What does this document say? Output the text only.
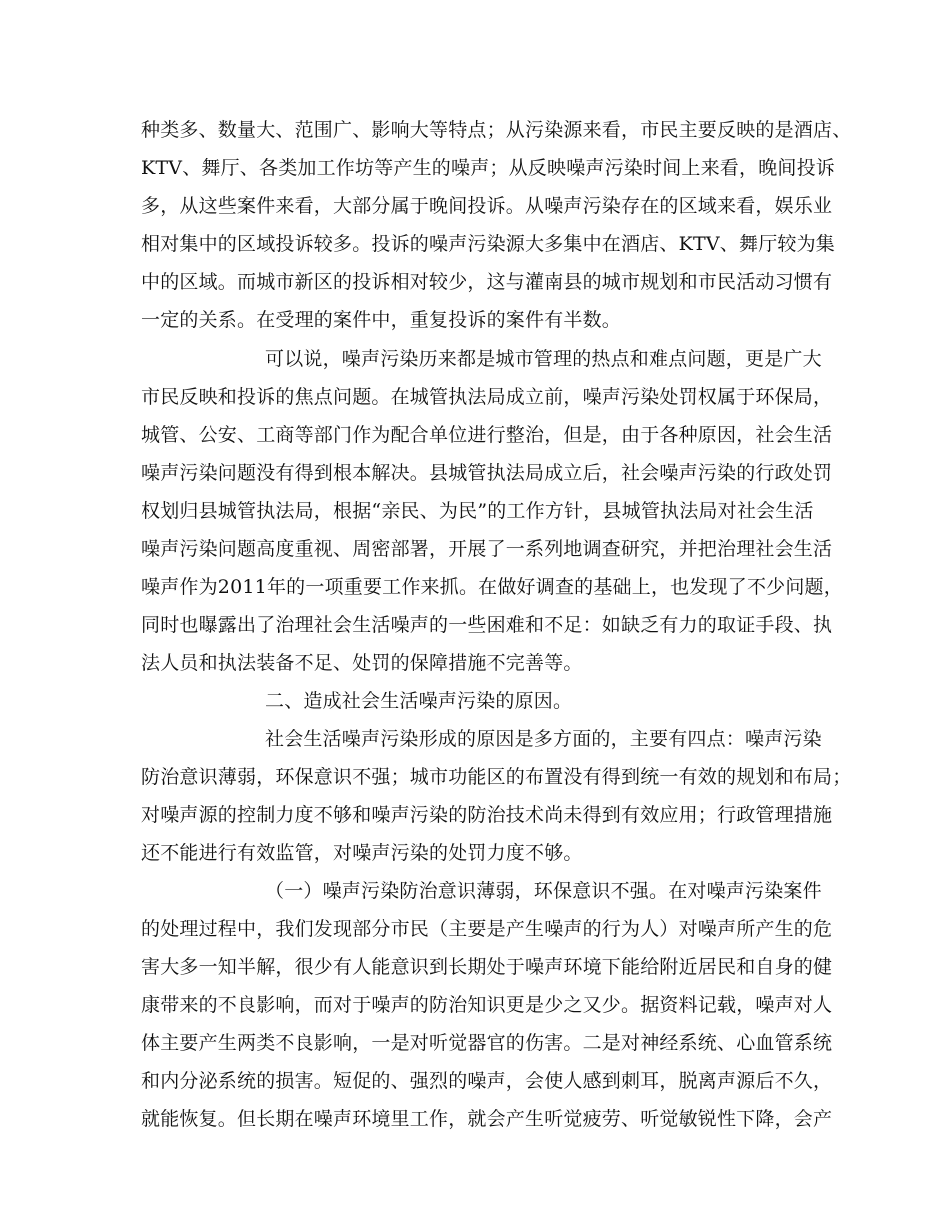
种类多、数量大、范围广、影响大等特点；从污染源来看，市民主要反映的是酒店、
KTV、舞厅、各类加工作坊等产生的噪声；从反映噪声污染时间上来看，晚间投诉
多，从这些案件来看，大部分属于晚间投诉。从噪声污染存在的区域来看，娱乐业
相对集中的区域投诉较多。投诉的噪声污染源大多集中在酒店、KTV、舞厅较为集
中的区域。而城市新区的投诉相对较少，这与灌南县的城市规划和市民活动习惯有
一定的关系。在受理的案件中，重复投诉的案件有半数。
可以说，噪声污染历来都是城市管理的热点和难点问题，更是广大
市民反映和投诉的焦点问题。在城管执法局成立前，噪声污染处罚权属于环保局，
城管、公安、工商等部门作为配合单位进行整治，但是，由于各种原因，社会生活
噪声污染问题没有得到根本解决。县城管执法局成立后，社会噪声污染的行政处罚
权划归县城管执法局，根据“亲民、为民”的工作方针，县城管执法局对社会生活
噪声污染问题高度重视、周密部署，开展了一系列地调查研究，并把治理社会生活
噪声作为2011年的一项重要工作来抓。在做好调查的基础上，也发现了不少问题，
同时也曝露出了治理社会生活噪声的一些困难和不足：如缺乏有力的取证手段、执
法人员和执法装备不足、处罚的保障措施不完善等。
二、造成社会生活噪声污染的原因。
社会生活噪声污染形成的原因是多方面的，主要有四点：噪声污染
防治意识薄弱，环保意识不强；城市功能区的布置没有得到统一有效的规划和布局；
对噪声源的控制力度不够和噪声污染的防治技术尚未得到有效应用；行政管理措施
还不能进行有效监管，对噪声污染的处罚力度不够。
（一）噪声污染防治意识薄弱，环保意识不强。在对噪声污染案件
的处理过程中，我们发现部分市民（主要是产生噪声的行为人）对噪声所产生的危
害大多一知半解，很少有人能意识到长期处于噪声环境下能给附近居民和自身的健
康带来的不良影响，而对于噪声的防治知识更是少之又少。据资料记载，噪声对人
体主要产生两类不良影响，一是对听觉器官的伤害。二是对神经系统、心血管系统
和内分泌系统的损害。短促的、强烈的噪声，会使人感到刺耳，脱离声源后不久，
就能恢复。但长期在噪声环境里工作，就会产生听觉疲劳、听觉敏锐性下降，会产
